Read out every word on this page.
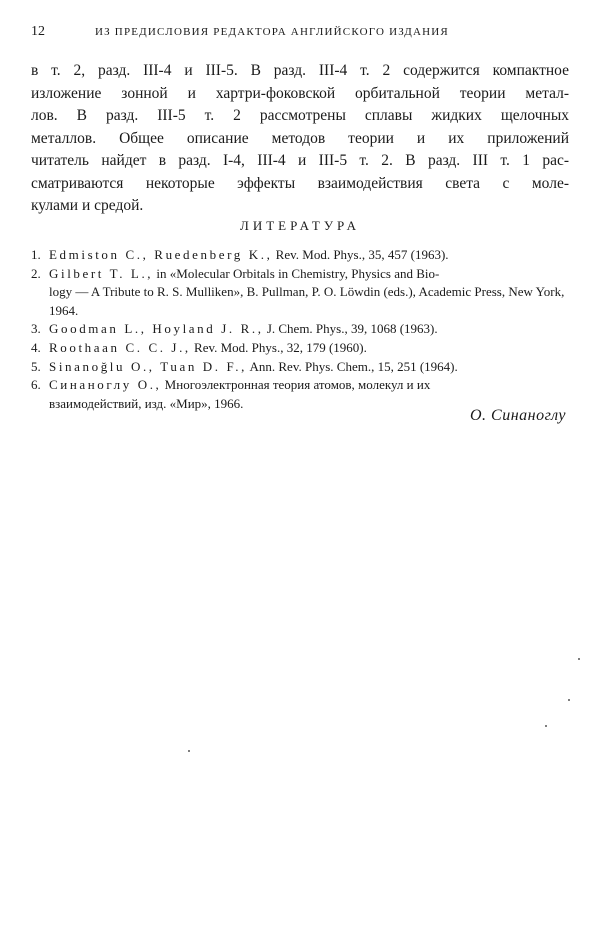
12	ИЗ ПРЕДИСЛОВИЯ РЕДАКТОРА АНГЛИЙСКОГО ИЗДАНИЯ

в т. 2, разд. III-4 и III-5. В разд. III-4 т. 2 содержится компактное
изложение зонной и хартри-фоковской орбитальной теории метал-
лов. В разд. III-5 т. 2 рассмотрены сплавы жидких щелочных
металлов. Общее описание методов теории и их приложений
читатель найдет в разд. I-4, III-4 и III-5 т. 2. В разд. III т. 1 рас-
сматриваются некоторые эффекты взаимодействия света с моле-
кулами и средой.

ЛИТЕРАТУРА
1. Edmiston C., Ruedenberg K., Rev. Mod. Phys., 35, 457 (1963).
2. Gilbert T. L., in «Molecular Orbitals in Chemistry, Physics and Bio-
logy — A Tribute to R. S. Mulliken», B. Pullman, P. O. Löwdin (eds.), Academic Press, New York, 1964.
3. Goodman L., Hoyland J. R., J. Chem. Phys., 39, 1068 (1963).
4. Roothaan C. C. J., Rev. Mod. Phys., 32, 179 (1960).
5. Sinanoğlu O., Tuan D. F., Ann. Rev. Phys. Chem., 15, 251 (1964).
6. Синаноглу О., Многоэлектронная теория атомов, молекул и их
взаимодействий, изд. «Мир», 1966.
О. Синаноглу
